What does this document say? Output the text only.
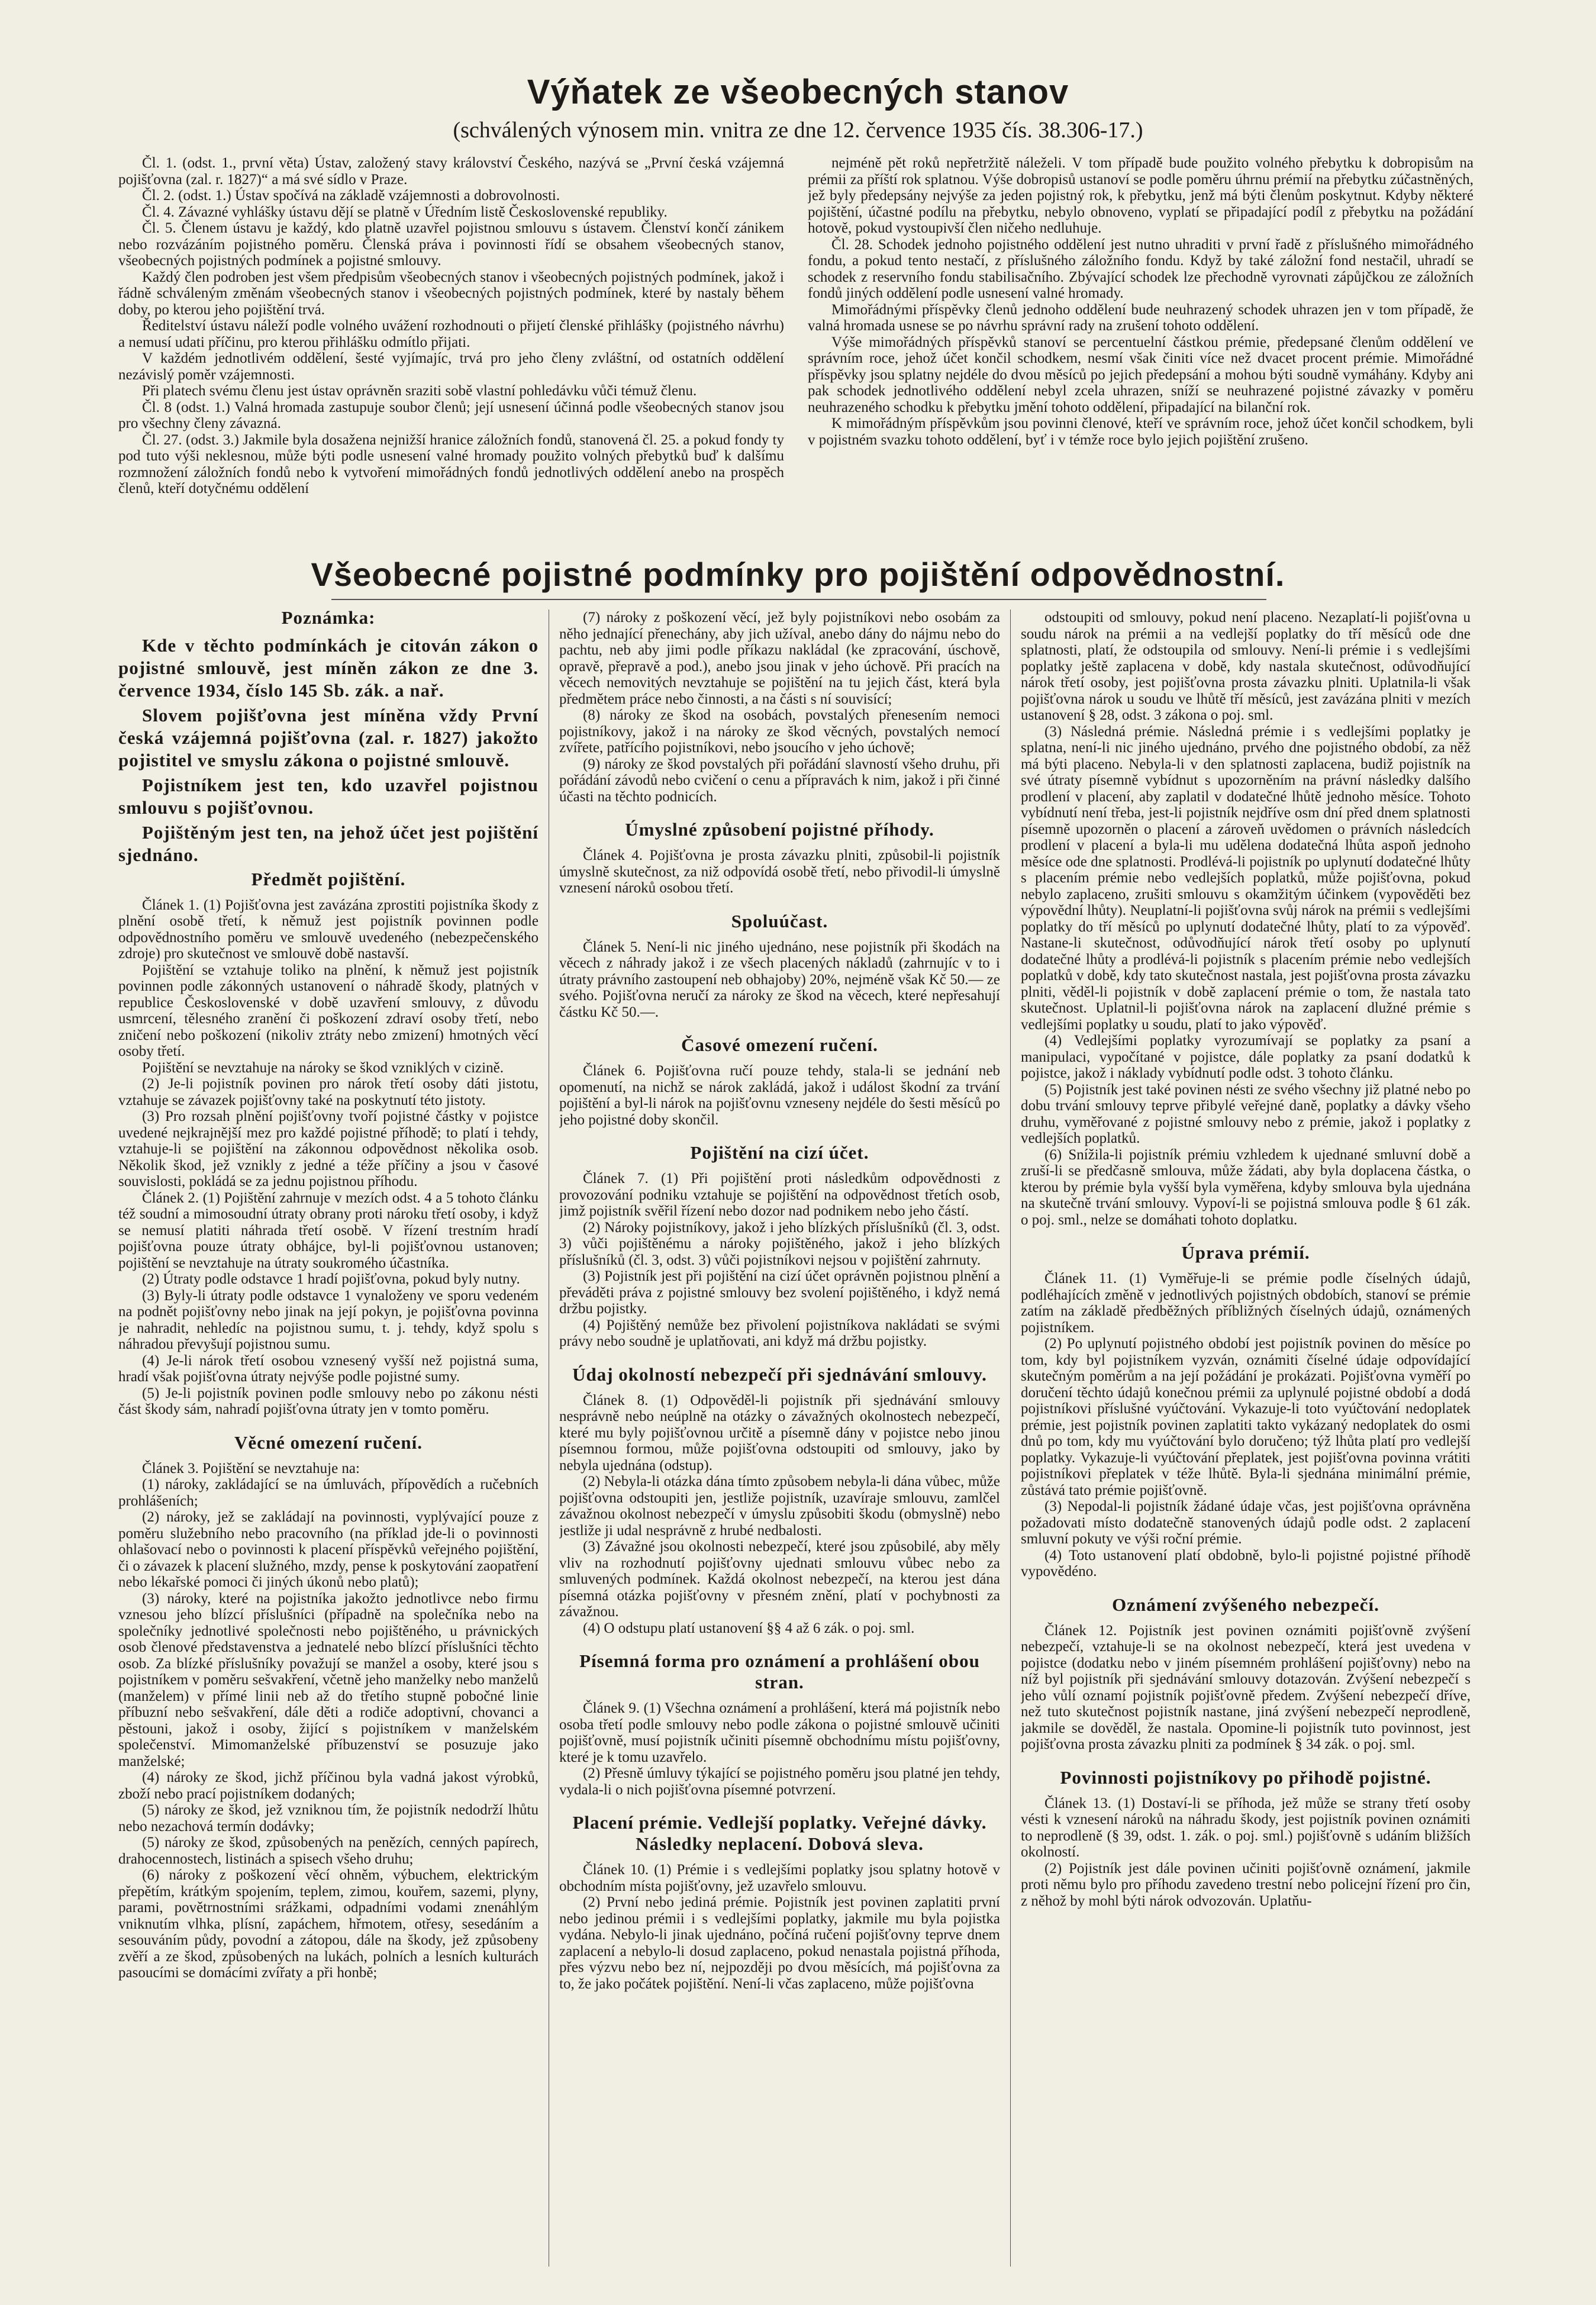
Výňatek ze všeobecných stanov

(schválených výnosem min. vnitra ze dne 12. července 1935 čís. 38.306-17.)

Čl. 1. (odst. 1., první věta) Ústav, založený stavy království Českého, nazývá se „První česká vzájemná pojišťovna (zal. r. 1827)“ a má své sídlo v Praze.

Čl. 2. (odst. 1.) Ústav spočívá na základě vzájemnosti a dobrovolnosti.

Čl. 4. Závazné vyhlášky ústavu dějí se platně v Úředním listě Československé republiky.

Čl. 5. Členem ústavu je každý, kdo platně uzavřel pojistnou smlouvu s ústavem. Členství končí zánikem nebo rozvázáním pojistného poměru. Členská práva i povinnosti řídí se obsahem všeobecných stanov, všeobecných pojistných podmínek a pojistné smlouvy.

Každý člen podroben jest všem předpisům všeobecných stanov i všeobecných pojistných podmínek, jakož i řádně schváleným změnám všeobecných stanov i všeobecných pojistných podmínek, které by nastaly během doby, po kterou jeho pojištění trvá.

Ředitelství ústavu náleží podle volného uvážení rozhodnouti o přijetí členské přihlášky (pojistného návrhu) a nemusí udati příčinu, pro kterou přihlášku odmítlo přijati.

V každém jednotlivém oddělení, šesté vyjímajíc, trvá pro jeho členy zvláštní, od ostatních oddělení nezávislý poměr vzájemnosti.

Při platech svému členu jest ústav oprávněn sraziti sobě vlastní pohledávku vůči témuž členu.

Čl. 8 (odst. 1.) Valná hromada zastupuje soubor členů; její usnesení účinná podle všeobecných stanov jsou pro všechny členy závazná.

Čl. 27. (odst. 3.) Jakmile byla dosažena nejnižší hranice záložních fondů, stanovená čl. 25. a pokud fondy ty pod tuto výši neklesnou, může býti podle usnesení valné hromady použito volných přebytků buď k dalšímu rozmnožení záložních fondů nebo k vytvoření mimořádných fondů jednotlivých oddělení anebo na prospěch členů, kteří dotyčnému oddělení

nejméně pět roků nepřetržitě náleželi. V tom případě bude použito volného přebytku k dobropisům na prémii za příští rok splatnou. Výše dobropisů ustanoví se podle poměru úhrnu prémií na přebytku zúčastněných, jež byly předepsány nejvýše za jeden pojistný rok, k přebytku, jenž má býti členům poskytnut. Kdyby některé pojištění, účastné podílu na přebytku, nebylo obnoveno, vyplatí se připadající podíl z přebytku na požádání hotově, pokud vystoupivší člen ničeho nedluhuje.

Čl. 28. Schodek jednoho pojistného oddělení jest nutno uhraditi v první řadě z příslušného mimořádného fondu, a pokud tento nestačí, z příslušného záložního fondu. Když by také záložní fond nestačil, uhradí se schodek z reservního fondu stabilisačního. Zbývající schodek lze přechodně vyrovnati zápůjčkou ze záložních fondů jiných oddělení podle usnesení valné hromady.

Mimořádnými příspěvky členů jednoho oddělení bude neuhrazený schodek uhrazen jen v tom případě, že valná hromada usnese se po návrhu správní rady na zrušení tohoto oddělení.

Výše mimořádných příspěvků stanoví se percentuelní částkou prémie, předepsané členům oddělení ve správním roce, jehož účet končil schodkem, nesmí však činiti více než dvacet procent prémie. Mimořádné příspěvky jsou splatny nejdéle do dvou měsíců po jejich předepsání a mohou býti soudně vymáhány. Kdyby ani pak schodek jednotlivého oddělení nebyl zcela uhrazen, sníží se neuhrazené pojistné závazky v poměru neuhrazeného schodku k přebytku jmění tohoto oddělení, připadající na bilanční rok.

K mimořádným příspěvkům jsou povinni členové, kteří ve správním roce, jehož účet končil schodkem, byli v pojistném svazku tohoto oddělení, byť i v témže roce bylo jejich pojištění zrušeno.

Všeobecné pojistné podmínky pro pojištění odpovědnostní.
Poznámka:

Kde v těchto podmínkách je citován zákon o pojistné smlouvě, jest míněn zákon ze dne 3. července 1934, číslo 145 Sb. zák. a nař.

Slovem pojišťovna jest míněna vždy První česká vzájemná pojišťovna (zal. r. 1827) jakožto pojistitel ve smyslu zákona o pojistné smlouvě.

Pojistníkem jest ten, kdo uzavřel pojistnou smlouvu s pojišťovnou.

Pojištěným jest ten, na jehož účet jest pojištění sjednáno.

Předmět pojištění.

Článek 1. (1) Pojišťovna jest zavázána zprostiti pojistníka škody z plnění osobě třetí, k němuž jest pojistník povinnen podle odpovědnostního poměru ve smlouvě uvedeného (nebezpečenského zdroje) pro skutečnost ve smlouvě době nastavší.

Pojištění se vztahuje toliko na plnění, k němuž jest pojistník povinnen podle zákonných ustanovení o náhradě škody, platných v republice Československé v době uzavření smlouvy, z důvodu usmrcení, tělesného zranění či poškození zdraví osoby třetí, nebo zničení nebo poškození (nikoliv ztráty nebo zmizení) hmotných věcí osoby třetí.

Pojištění se nevztahuje na nároky se škod vzniklých v cizině.

(2) Je-li pojistník povinen pro nárok třetí osoby dáti jistotu, vztahuje se závazek pojišťovny také na poskytnutí této jistoty.

(3) Pro rozsah plnění pojišťovny tvoří pojistné částky v pojistce uvedené nejkrajnější mez pro každé pojistné příhodě; to platí i tehdy, vztahuje-li se pojištění na zákonnou odpovědnost několika osob. Několik škod, jež vznikly z jedné a téže příčiny a jsou v časové souvislosti, pokládá se za jednu pojistnou příhodu.

Článek 2. (1) Pojištění zahrnuje v mezích odst. 4 a 5 tohoto článku též soudní a mimosoudní útraty obrany proti nároku třetí osoby, i když se nemusí platiti náhrada třetí osobě. V řízení trestním hradí pojišťovna pouze útraty obhájce, byl-li pojišťovnou ustanoven; pojištění se nevztahuje na útraty soukromého účastníka.

(2) Útraty podle odstavce 1 hradí pojišťovna, pokud byly nutny.

(3) Byly-li útraty podle odstavce 1 vynaloženy ve sporu vedeném na podnět pojišťovny nebo jinak na její pokyn, je pojišťovna povinna je nahradit, nehledíc na pojistnou sumu, t. j. tehdy, když spolu s náhradou převyšují pojistnou sumu.

(4) Je-li nárok třetí osobou vznesený vyšší než pojistná suma, hradí však pojišťovna útraty nejvýše podle pojistné sumy.

(5) Je-li pojistník povinen podle smlouvy nebo po zákonu nésti část škody sám, nahradí pojišťovna útraty jen v tomto poměru.

Věcné omezení ručení.

Článek 3. Pojištění se nevztahuje na:

(1) nároky, zakládající se na úmluvách, přípovědích a ručebních prohlášeních;

(2) nároky, jež se zakládají na povinnosti, vyplývající pouze z poměru služebního nebo pracovního (na příklad jde-li o povinnosti ohlašovací nebo o povinnosti k placení příspěvků veřejného pojištění, či o závazek k placení služného, mzdy, pense k poskytování zaopatření nebo lékařské pomoci či jiných úkonů nebo platů);

(3) nároky, které na pojistníka jakožto jednotlivce nebo firmu vznesou jeho blízcí příslušníci (případně na společníka nebo na společníky jednotlivé společnosti nebo pojištěného, u právnických osob členové představenstva a jednatelé nebo blízcí příslušníci těchto osob. Za blízké příslušníky považují se manžel a osoby, které jsou s pojistníkem v poměru sešvakření, včetně jeho manželky nebo manželů (manželem) v přímé linii neb až do třetího stupně pobočné linie příbuzní nebo sešvakření, dále děti a rodiče adoptivní, chovanci a pěstouni, jakož i osoby, žijící s pojistníkem v manželském společenství. Mimomanželské příbuzenství se posuzuje jako manželské;

(4) nároky ze škod, jichž příčinou byla vadná jakost výrobků, zboží nebo prací pojistníkem dodaných;

(5) nároky ze škod, jež vzniknou tím, že pojistník nedodrží lhůtu nebo nezachová termín dodávky;

(5) nároky ze škod, způsobených na penězích, cenných papírech, drahocennostech, listinách a spisech všeho druhu;

(6) nároky z poškození věcí ohněm, výbuchem, elektrickým přepětím, krátkým spojením, teplem, zimou, kouřem, sazemi, plyny, parami, povětrnostními srážkami, odpadními vodami znenáhlým vniknutím vlhka, plísní, zapáchem, hřmotem, otřesy, sesedáním a sesouváním půdy, povodní a zátopou, dále na škody, jež způsobeny zvěří a ze škod, způsobených na lukách, polních a lesních kulturách pasoucími se domácími zvířaty a při honbě;

(7) nároky z poškození věcí, jež byly pojistníkovi nebo osobám za něho jednající přenechány, aby jich užíval, anebo dány do nájmu nebo do pachtu, neb aby jimi podle příkazu nakládal (ke zpracování, úschově, opravě, přepravě a pod.), anebo jsou jinak v jeho úchově. Při pracích na věcech nemovitých nevztahuje se pojištění na tu jejich část, která byla předmětem práce nebo činnosti, a na části s ní souvisící;

(8) nároky ze škod na osobách, povstalých přenesením nemoci pojistníkovy, jakož i na nároky ze škod věcných, povstalých nemocí zvířete, patřícího pojistníkovi, nebo jsoucího v jeho úchově;

(9) nároky ze škod povstalých při pořádání slavností všeho druhu, při pořádání závodů nebo cvičení o cenu a přípravách k nim, jakož i při činné účasti na těchto podnicích.

Úmyslné způsobení pojistné příhody.

Článek 4. Pojišťovna je prosta závazku plniti, způsobil-li pojistník úmyslně skutečnost, za niž odpovídá osobě třetí, nebo přivodil-li úmyslně vznesení nároků osobou třetí.

Spoluúčast.

Článek 5. Není-li nic jiného ujednáno, nese pojistník při škodách na věcech z náhrady jakož i ze všech placených nákladů (zahrnujíc v to i útraty právního zastoupení neb obhajoby) 20%, nejméně však Kč 50.— ze svého. Pojišťovna neručí za nároky ze škod na věcech, které nepřesahují částku Kč 50.—.

Časové omezení ručení.

Článek 6. Pojišťovna ručí pouze tehdy, stala-li se jednání neb opomenutí, na nichž se nárok zakládá, jakož i událost škodní za trvání pojištění a byl-li nárok na pojišťovnu vzneseny nejdéle do šesti měsíců po jeho pojistné doby skončil.

Pojištění na cizí účet.

Článek 7. (1) Při pojištění proti následkům odpovědnosti z provozování podniku vztahuje se pojištění na odpovědnost třetích osob, jimž pojistník svěřil řízení nebo dozor nad podnikem nebo jeho částí.

(2) Nároky pojistníkovy, jakož i jeho blízkých příslušníků (čl. 3, odst. 3) vůči pojištěnému a nároky pojištěného, jakož i jeho blízkých příslušníků (čl. 3, odst. 3) vůči pojistníkovi nejsou v pojištění zahrnuty.

(3) Pojistník jest při pojištění na cizí účet oprávněn pojistnou plnění a převáděti práva z pojistné smlouvy bez svolení pojištěného, i když nemá držbu pojistky.

(4) Pojištěný nemůže bez přivolení pojistníkova nakládati se svými právy nebo soudně je uplatňovati, ani když má držbu pojistky.

Údaj okolností nebezpečí při sjednávání smlouvy.

Článek 8. (1) Odpověděl-li pojistník při sjednávání smlouvy nesprávně nebo neúplně na otázky o závažných okolnostech nebezpečí, které mu byly pojišťovnou určitě a písemně dány v pojistce nebo jinou písemnou formou, může pojišťovna odstoupiti od smlouvy, jako by nebyla ujednána (odstup).

(2) Nebyla-li otázka dána tímto způsobem nebyla-li dána vůbec, může pojišťovna odstoupiti jen, jestliže pojistník, uzavíraje smlouvu, zamlčel závažnou okolnost nebezpečí v úmyslu způsobiti škodu (obmyslně) nebo jestliže ji udal nesprávně z hrubé nedbalosti.

(3) Závažné jsou okolnosti nebezpečí, které jsou způsobilé, aby měly vliv na rozhodnutí pojišťovny ujednati smlouvu vůbec nebo za smluvených podmínek. Každá okolnost nebezpečí, na kterou jest dána písemná otázka pojišťovny v přesném znění, platí v pochybnosti za závažnou.

(4) O odstupu platí ustanovení §§ 4 až 6 zák. o poj. sml.

Písemná forma pro oznámení a prohlášení obou stran.

Článek 9. (1) Všechna oznámení a prohlášení, která má pojistník nebo osoba třetí podle smlouvy nebo podle zákona o pojistné smlouvě učiniti pojišťovně, musí pojistník učiniti písemně obchodnímu místu pojišťovny, které je k tomu uzavřelo.

(2) Přesně úmluvy týkající se pojistného poměru jsou platné jen tehdy, vydala-li o nich pojišťovna písemné potvrzení.

Placení prémie. Vedlejší poplatky. Veřejné dávky. Následky neplacení. Dobová sleva.

Článek 10. (1) Prémie i s vedlejšími poplatky jsou splatny hotově v obchodním místa pojišťovny, jež uzavřelo smlouvu.

(2) První nebo jediná prémie. Pojistník jest povinen zaplatiti první nebo jedinou prémii i s vedlejšími poplatky, jakmile mu byla pojistka vydána. Nebylo-li jinak ujednáno, počíná ručení pojišťovny teprve dnem zaplacení a nebylo-li dosud zaplaceno, pokud nenastala pojistná příhoda, přes výzvu nebo bez ní, nejpozději po dvou měsících, má pojišťovna za to, že jako počátek pojištění. Není-li včas zaplaceno, může pojišťovna

odstoupiti od smlouvy, pokud není placeno. Nezaplatí-li pojišťovna u soudu nárok na prémii a na vedlejší poplatky do tří měsíců ode dne splatnosti, platí, že odstoupila od smlouvy. Není-li prémie i s vedlejšími poplatky ještě zaplacena v době, kdy nastala skutečnost, odůvodňující nárok třetí osoby, jest pojišťovna prosta závazku plniti. Uplatnila-li však pojišťovna nárok u soudu ve lhůtě tří měsíců, jest zavázána plniti v mezích ustanovení § 28, odst. 3 zákona o poj. sml.

(3) Následná prémie. Následná prémie i s vedlejšími poplatky je splatna, není-li nic jiného ujednáno, prvého dne pojistného období, za něž má býti placeno. Nebyla-li v den splatnosti zaplacena, budiž pojistník na své útraty písemně vybídnut s upozorněním na právní následky dalšího prodlení v placení, aby zaplatil v dodatečné lhůtě jednoho měsíce. Tohoto vybídnutí není třeba, jest-li pojistník nejdříve osm dní před dnem splatnosti písemně upozorněn o placení a zároveň uvědomen o právních následcích prodlení v placení a byla-li mu udělena dodatečná lhůta aspoň jednoho měsíce ode dne splatnosti. Prodlévá-li pojistník po uplynutí dodatečné lhůty s placením prémie nebo vedlejších poplatků, může pojišťovna, pokud nebylo zaplaceno, zrušiti smlouvu s okamžitým účinkem (vypověděti bez výpovědní lhůty). Neuplatní-li pojišťovna svůj nárok na prémii s vedlejšími poplatky do tří měsíců po uplynutí dodatečné lhůty, platí to za výpověď. Nastane-li skutečnost, odůvodňující nárok třetí osoby po uplynutí dodatečné lhůty a prodlévá-li pojistník s placením prémie nebo vedlejších poplatků v době, kdy tato skutečnost nastala, jest pojišťovna prosta závazku plniti, věděl-li pojistník v době zaplacení prémie o tom, že nastala tato skutečnost. Uplatnil-li pojišťovna nárok na zaplacení dlužné prémie s vedlejšími poplatky u soudu, platí to jako výpověď.

(4) Vedlejšími poplatky vyrozumívají se poplatky za psaní a manipulaci, vypočítané v pojistce, dále poplatky za psaní dodatků k pojistce, jakož i náklady vybídnutí podle odst. 3 tohoto článku.

(5) Pojistník jest také povinen nésti ze svého všechny již platné nebo po dobu trvání smlouvy teprve přibylé veřejné daně, poplatky a dávky všeho druhu, vyměřované z pojistné smlouvy nebo z prémie, jakož i poplatky z vedlejších poplatků.

(6) Snížila-li pojistník prémiu vzhledem k ujednané smluvní době a zruší-li se předčasně smlouva, může žádati, aby byla doplacena částka, o kterou by prémie byla vyšší byla vyměřena, kdyby smlouva byla ujednána na skutečně trvání smlouvy. Vypoví-li se pojistná smlouva podle § 61 zák. o poj. sml., nelze se domáhati tohoto doplatku.

Úprava prémií.

Článek 11. (1) Vyměřuje-li se prémie podle číselných údajů, podléhajících změně v jednotlivých pojistných obdobích, stanoví se prémie zatím na základě předběžných příbližných číselných údajů, oznámených pojistníkem.

(2) Po uplynutí pojistného období jest pojistník povinen do měsíce po tom, kdy byl pojistníkem vyzván, oznámiti číselné údaje odpovídající skutečným poměrům a na její požádání je prokázati. Pojišťovna vyměří po doručení těchto údajů konečnou prémii za uplynulé pojistné období a dodá pojistníkovi příslušné vyúčtování. Vykazuje-li toto vyúčtování nedoplatek prémie, jest pojistník povinen zaplatiti takto vykázaný nedoplatek do osmi dnů po tom, kdy mu vyúčtování bylo doručeno; týž lhůta platí pro vedlejší poplatky. Vykazuje-li vyúčtování přeplatek, jest pojišťovna povinna vrátiti pojistníkovi přeplatek v téže lhůtě. Byla-li sjednána minimální prémie, zůstává tato prémie pojišťovně.

(3) Nepodal-li pojistník žádané údaje včas, jest pojišťovna oprávněna požadovati místo dodatečně stanovených údajů podle odst. 2 zaplacení smluvní pokuty ve výši roční prémie.

(4) Toto ustanovení platí obdobně, bylo-li pojistné pojistné příhodě vypovědéno.

Oznámení zvýšeného nebezpečí.

Článek 12. Pojistník jest povinen oznámiti pojišťovně zvýšení nebezpečí, vztahuje-li se na okolnost nebezpečí, která jest uvedena v pojistce (dodatku nebo v jiném písemném prohlášení pojišťovny) nebo na níž byl pojistník při sjednávání smlouvy dotazován. Zvýšení nebezpečí s jeho vůlí oznamí pojistník pojišťovně předem. Zvýšení nebezpečí dříve, než tuto skutečnost pojistník nastane, jiná zvýšení nebezpečí neprodleně, jakmile se dověděl, že nastala. Opomine-li pojistník tuto povinnost, jest pojišťovna prosta závazku plniti za podmínek § 34 zák. o poj. sml.

Povinnosti pojistníkovy po přihodě pojistné.

Článek 13. (1) Dostaví-li se příhoda, jež může se strany třetí osoby vésti k vznesení nároků na náhradu škody, jest pojistník povinen oznámiti to neprodleně (§ 39, odst. 1. zák. o poj. sml.) pojišťovně s udáním bližších okolností.

(2) Pojistník jest dále povinen učiniti pojišťovně oznámení, jakmile proti němu bylo pro příhodu zavedeno trestní nebo policejní řízení pro čin, z něhož by mohl býti nárok odvozován. Uplatňu-
